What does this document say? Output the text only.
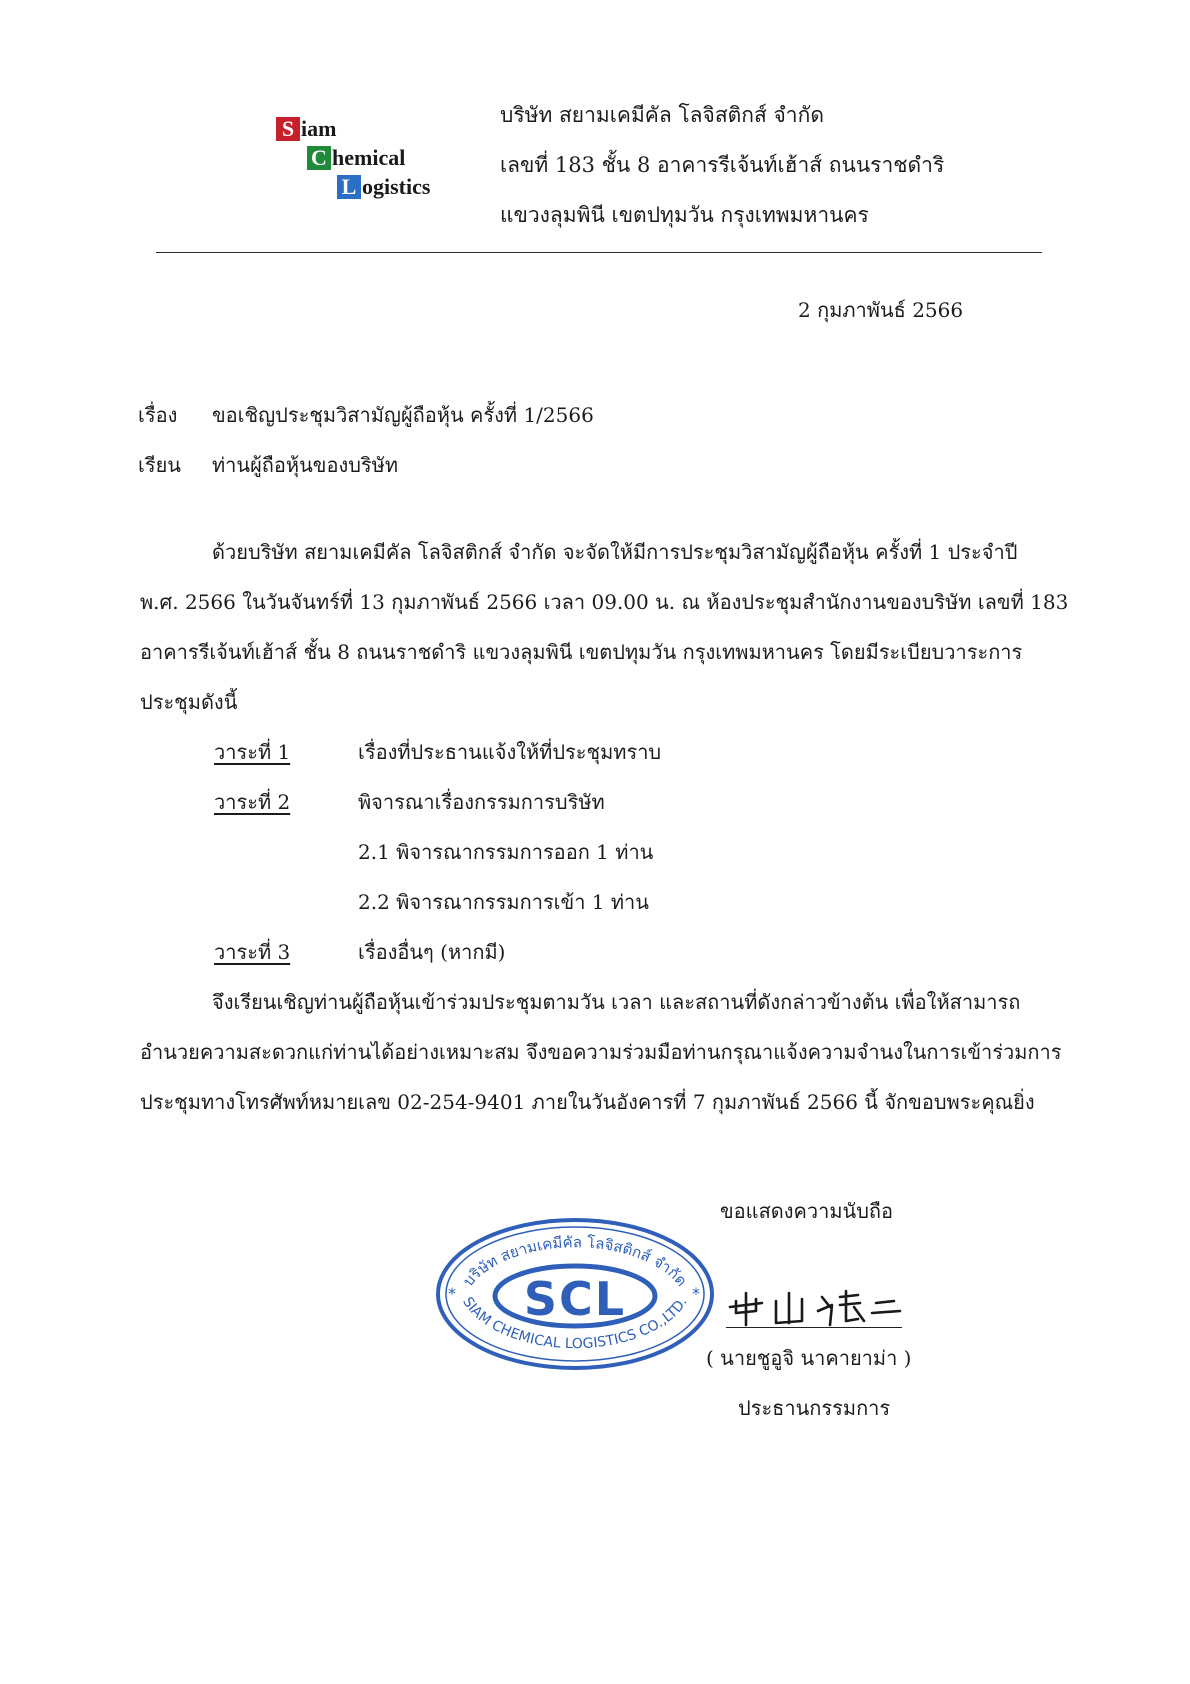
S iam
C hemical
L ogistics
บริษัท สยามเคมีคัล โลจิสติกส์ จำกัด
เลขที่ 183 ชั้น 8 อาคารรีเจ้นท์เฮ้าส์ ถนนราชดำริ
แขวงลุมพินี เขตปทุมวัน กรุงเทพมหานคร
2 กุมภาพันธ์ 2566
เรื่อง	ขอเชิญประชุมวิสามัญผู้ถือหุ้น ครั้งที่ 1/2566
เรียน	ท่านผู้ถือหุ้นของบริษัท
ด้วยบริษัท สยามเคมีคัล โลจิสติกส์ จำกัด จะจัดให้มีการประชุมวิสามัญผู้ถือหุ้น ครั้งที่ 1 ประจำปี
พ.ศ. 2566 ในวันจันทร์ที่ 13 กุมภาพันธ์ 2566 เวลา 09.00 น. ณ ห้องประชุมสำนักงานของบริษัท เลขที่ 183
อาคารรีเจ้นท์เฮ้าส์ ชั้น 8 ถนนราชดำริ แขวงลุมพินี เขตปทุมวัน กรุงเทพมหานคร โดยมีระเบียบวาระการ
ประชุมดังนี้
วาระที่ 1	เรื่องที่ประธานแจ้งให้ที่ประชุมทราบ
วาระที่ 2	พิจารณาเรื่องกรรมการบริษัท
2.1 พิจารณากรรมการออก 1 ท่าน
2.2 พิจารณากรรมการเข้า 1 ท่าน
วาระที่ 3	เรื่องอื่นๆ (หากมี)
จึงเรียนเชิญท่านผู้ถือหุ้นเข้าร่วมประชุมตามวัน เวลา และสถานที่ดังกล่าวข้างต้น เพื่อให้สามารถ
อำนวยความสะดวกแก่ท่านได้อย่างเหมาะสม จึงขอความร่วมมือท่านกรุณาแจ้งความจำนงในการเข้าร่วมการ
ประชุมทางโทรศัพท์หมายเลข 02-254-9401 ภายในวันอังคารที่ 7 กุมภาพันธ์ 2566 นี้ จักขอบพระคุณยิ่ง
ขอแสดงความนับถือ
บริษัท สยามเคมีคัล โลจิสติกส์ จำกัด
SCL
SIAM CHEMICAL LOGISTICS CO.,LTD.
*	*
( นายชูอูจิ นาคายาม่า )
ประธานกรรมการ
